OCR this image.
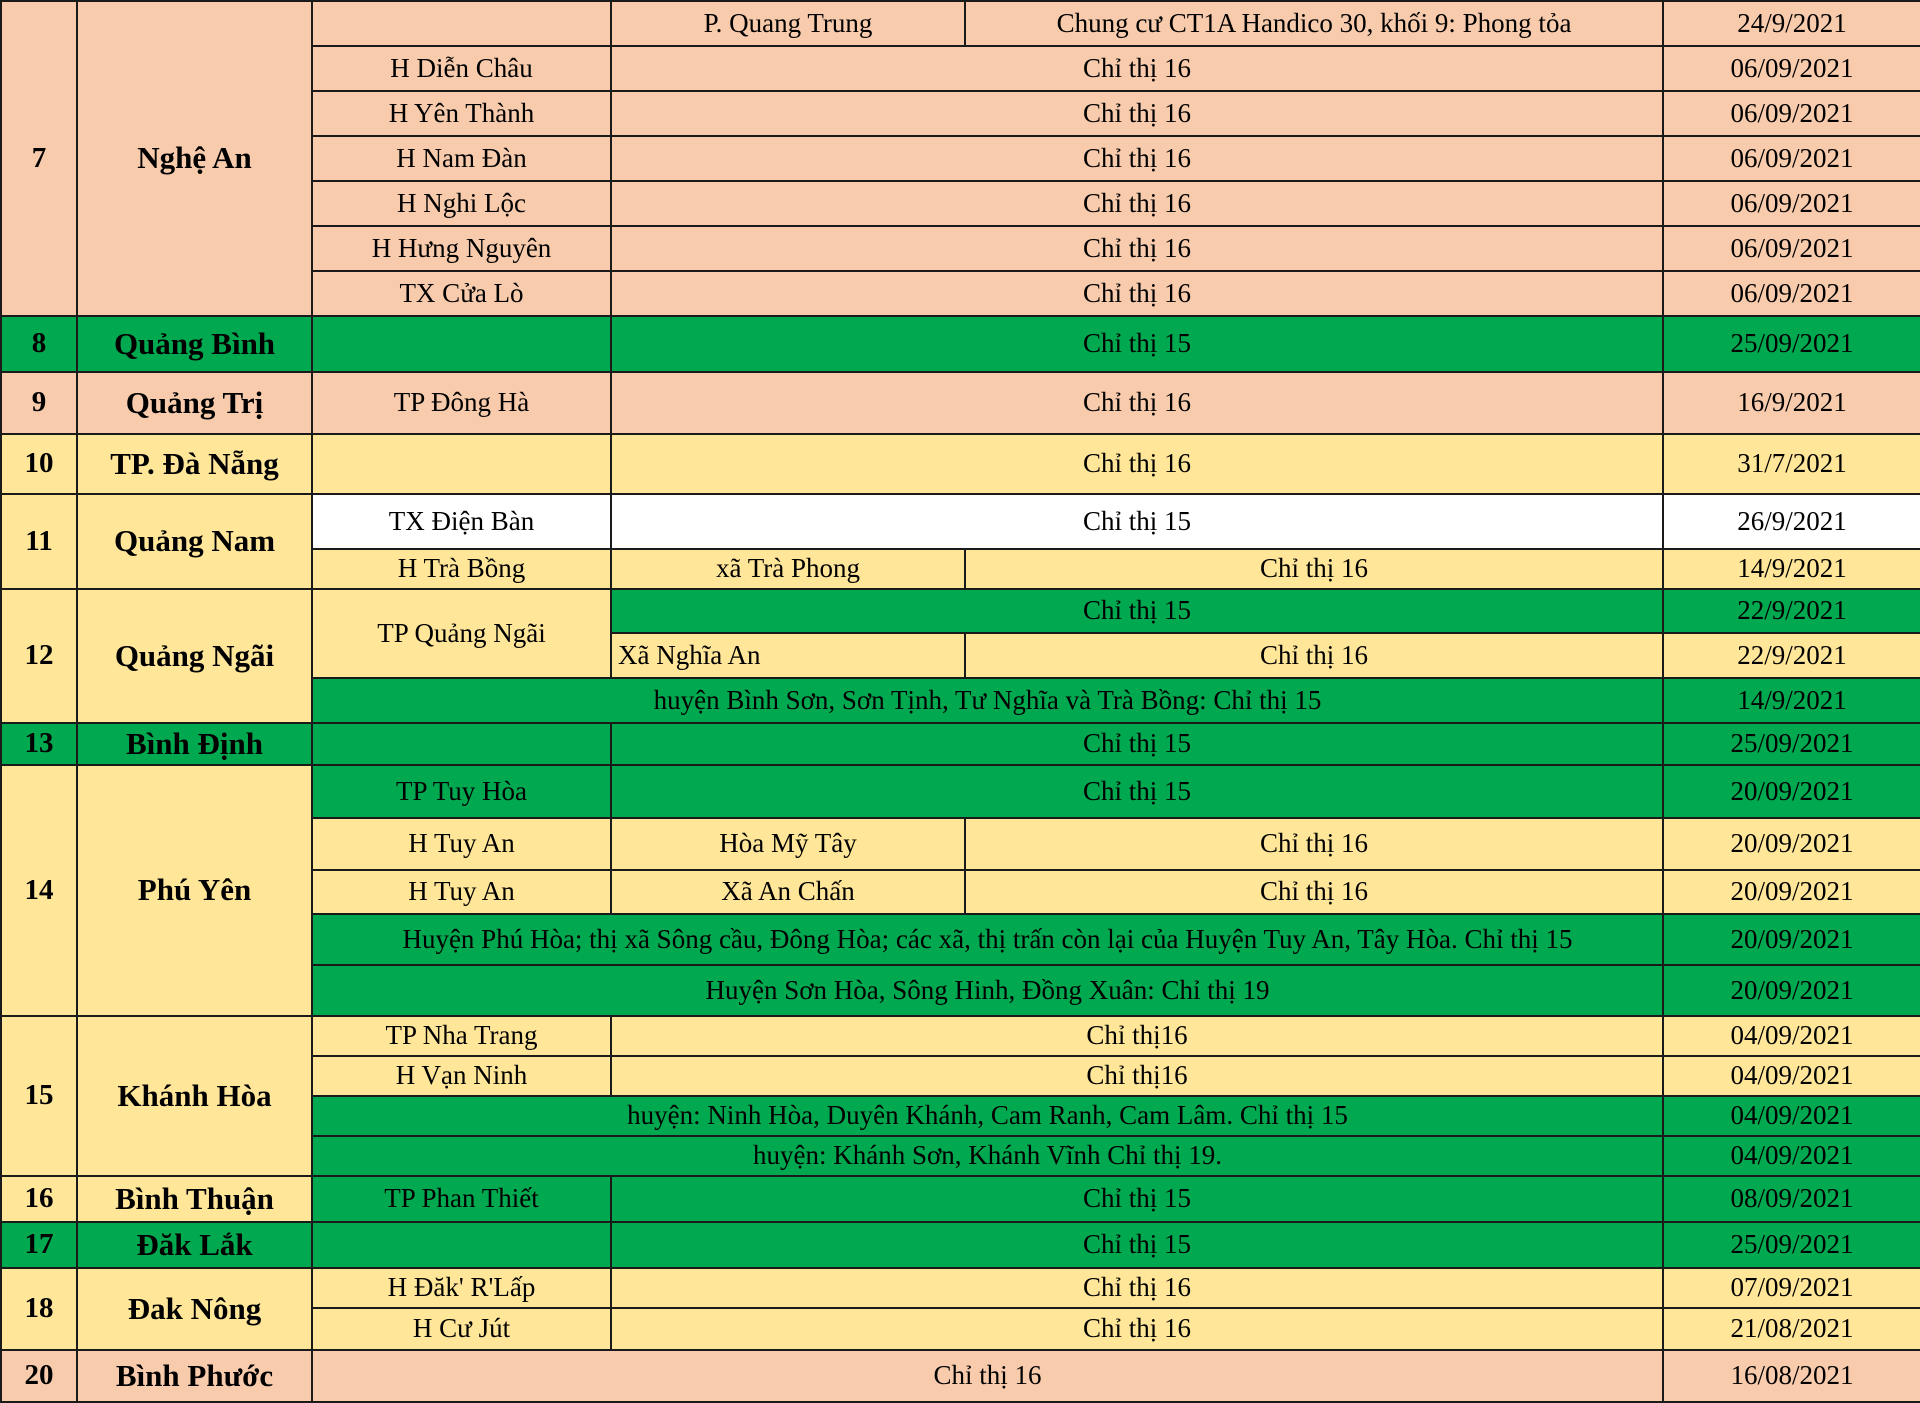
7	Nghệ An		P. Quang Trung	Chung cư CT1A Handico 30, khối 9: Phong tỏa	24/9/2021
		H Diễn Châu	Chỉ thị 16		06/09/2021
		H Yên Thành	Chỉ thị 16		06/09/2021
		H Nam Đàn	Chỉ thị 16		06/09/2021
		H Nghi Lộc	Chỉ thị 16		06/09/2021
		H Hưng Nguyên	Chỉ thị 16		06/09/2021
		TX Cửa Lò	Chỉ thị 16		06/09/2021
8	Quảng Bình		Chỉ thị 15		25/09/2021
9	Quảng Trị	TP Đông Hà	Chỉ thị 16		16/9/2021
10	TP. Đà Nẵng		Chỉ thị 16		31/7/2021
11	Quảng Nam	TX Điện Bàn	Chỉ thị 15		26/9/2021
		H Trà Bồng	xã Trà Phong	Chỉ thị 16	14/9/2021
12	Quảng Ngãi	TP Quảng Ngãi	Chỉ thị 15		22/9/2021
			Xã Nghĩa An	Chỉ thị 16	22/9/2021
		huyện Bình Sơn, Sơn Tịnh, Tư Nghĩa và Trà Bồng: Chỉ thị 15			14/9/2021
13	Bình Định		Chỉ thị 15		25/09/2021
14	Phú Yên	TP Tuy Hòa	Chỉ thị 15		20/09/2021
		H Tuy An	Hòa Mỹ Tây	Chỉ thị 16	20/09/2021
		H Tuy An	Xã An Chấn	Chỉ thị 16	20/09/2021
		Huyện Phú Hòa; thị xã Sông cầu, Đông Hòa; các xã, thị trấn còn lại của Huyện Tuy An, Tây Hòa. Chỉ thị 15			20/09/2021
		Huyện Sơn Hòa, Sông Hinh, Đồng Xuân: Chỉ thị 19			20/09/2021
15	Khánh Hòa	TP Nha Trang	Chỉ thị16		04/09/2021
		H Vạn Ninh	Chỉ thị16		04/09/2021
		huyện: Ninh Hòa, Duyên Khánh, Cam Ranh, Cam Lâm. Chỉ thị 15			04/09/2021
		huyện: Khánh Sơn, Khánh Vĩnh Chỉ thị 19.			04/09/2021
16	Bình Thuận	TP Phan Thiết	Chỉ thị 15		08/09/2021
17	Đăk Lắk		Chỉ thị 15		25/09/2021
18	Đak Nông	H Đăk' R'Lấp	Chỉ thị 16		07/09/2021
		H Cư Jút	Chỉ thị 16		21/08/2021
20	Bình Phước	Chỉ thị 16			16/08/2021
